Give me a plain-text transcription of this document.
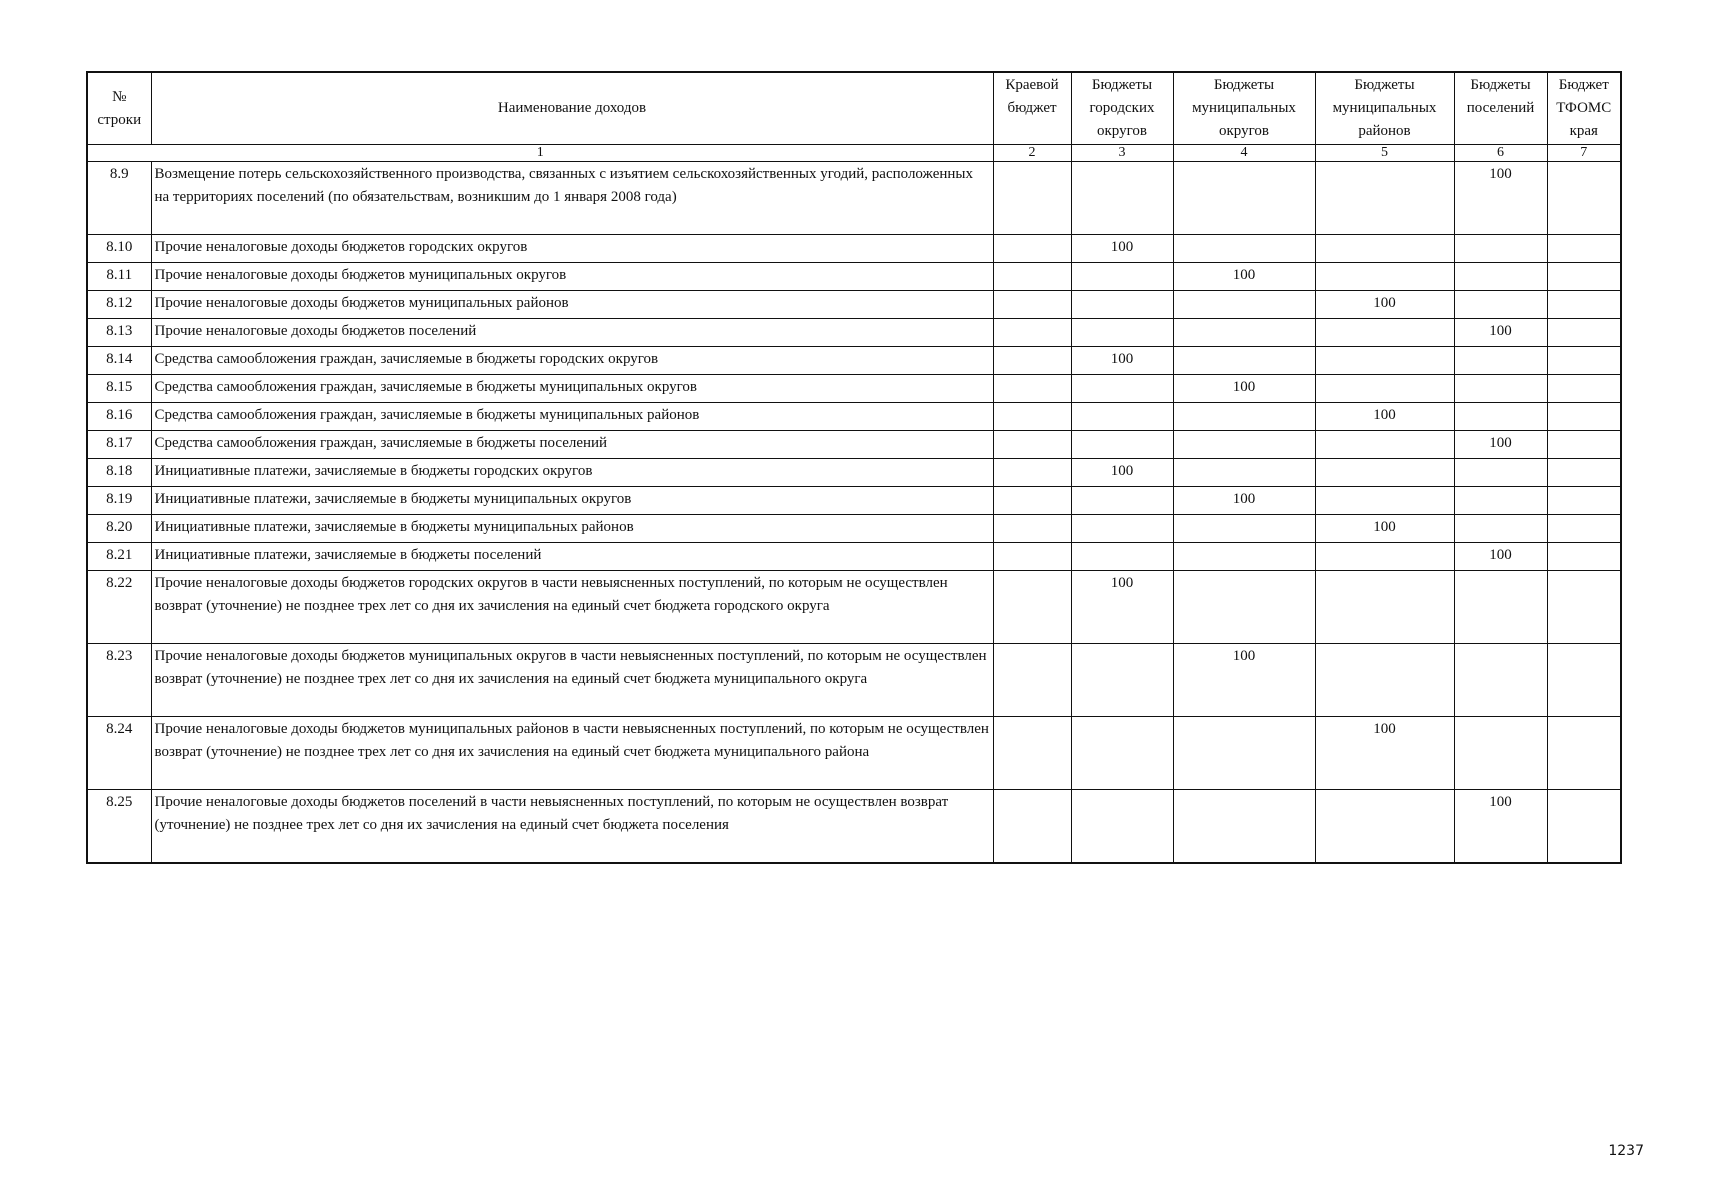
№ строки	Наименование доходов	Краевой бюджет	Бюджеты городских округов	Бюджеты муниципальных округов	Бюджеты муниципальных районов	Бюджеты поселений	Бюджет ТФОМС края
1		2	3	4	5	6	7
8.9	Возмещение потерь сельскохозяйственного производства, связанных с изъятием сельскохозяйственных угодий, расположенных на территориях поселений (по обязательствам, возникшим до 1 января 2008 года)					100	
8.10	Прочие неналоговые доходы бюджетов городских округов		100				
8.11	Прочие неналоговые доходы бюджетов муниципальных округов			100			
8.12	Прочие неналоговые доходы бюджетов муниципальных районов				100		
8.13	Прочие неналоговые доходы бюджетов поселений					100	
8.14	Средства самообложения граждан, зачисляемые в бюджеты городских округов		100				
8.15	Средства самообложения граждан, зачисляемые в бюджеты муниципальных округов			100			
8.16	Средства самообложения граждан, зачисляемые в бюджеты муниципальных районов				100		
8.17	Средства самообложения граждан, зачисляемые в бюджеты поселений					100	
8.18	Инициативные платежи, зачисляемые в бюджеты городских округов		100				
8.19	Инициативные платежи, зачисляемые в бюджеты муниципальных округов			100			
8.20	Инициативные платежи, зачисляемые в бюджеты муниципальных районов				100		
8.21	Инициативные платежи, зачисляемые в бюджеты поселений					100	
8.22	Прочие неналоговые доходы бюджетов городских округов в части невыясненных поступлений, по которым не осуществлен возврат (уточнение) не позднее трех лет со дня их зачисления на единый счет бюджета городского округа		100				
8.23	Прочие неналоговые доходы бюджетов муниципальных округов в части невыясненных поступлений, по которым не осуществлен возврат (уточнение) не позднее трех лет со дня их зачисления на единый счет бюджета муниципального округа			100			
8.24	Прочие неналоговые доходы бюджетов муниципальных районов в части невыясненных поступлений, по которым не осуществлен возврат (уточнение) не позднее трех лет со дня их зачисления на единый счет бюджета муниципального района				100		
8.25	Прочие неналоговые доходы бюджетов поселений в части невыясненных поступлений, по которым не осуществлен возврат (уточнение) не позднее трех лет со дня их зачисления на единый счет бюджета поселения					100	
1237
